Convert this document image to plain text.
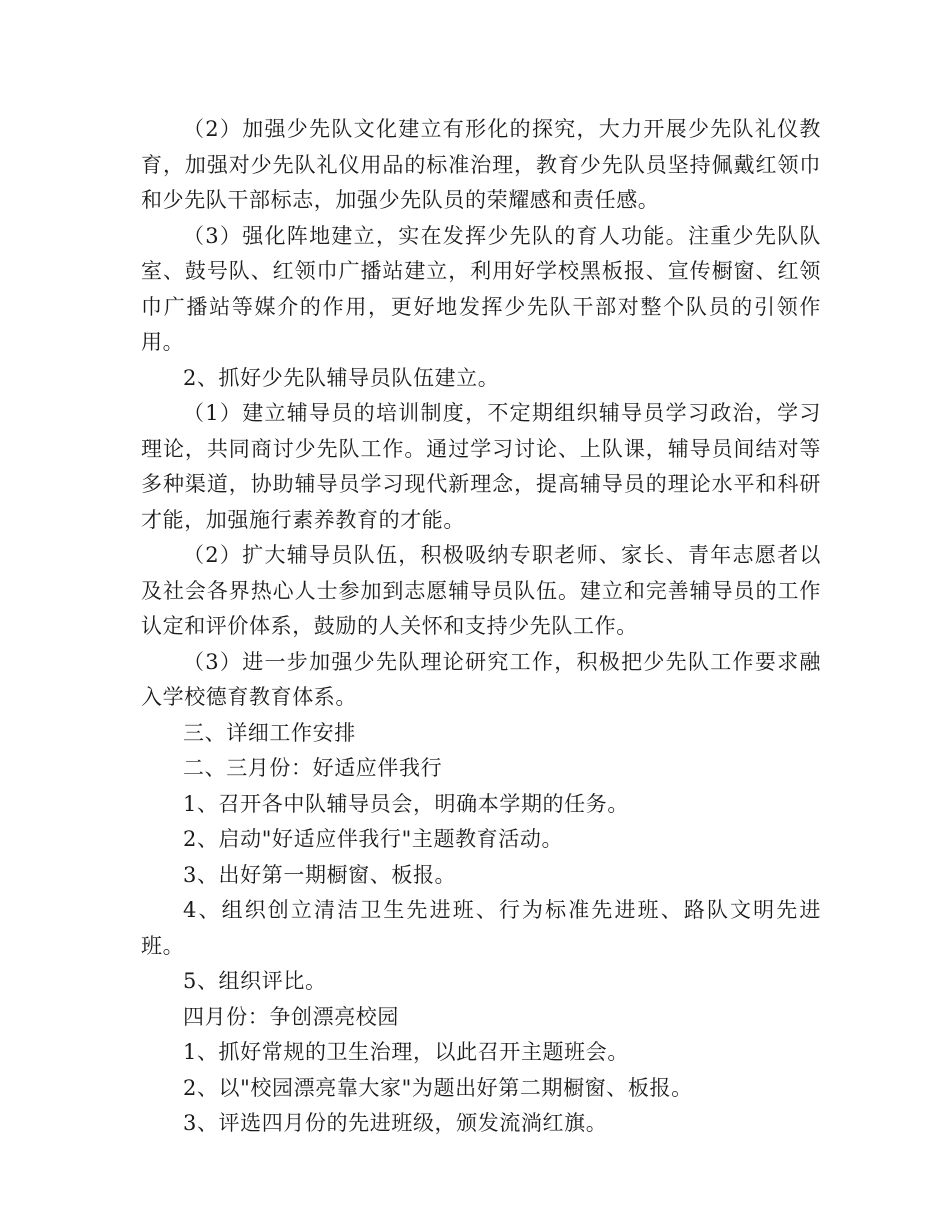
（2）加强少先队文化建立有形化的探究，大力开展少先队礼仪教育，加强对少先队礼仪用品的标准治理，教育少先队员坚持佩戴红领巾和少先队干部标志，加强少先队员的荣耀感和责任感。

（3）强化阵地建立，实在发挥少先队的育人功能。注重少先队队室、鼓号队、红领巾广播站建立，利用好学校黑板报、宣传橱窗、红领巾广播站等媒介的作用，更好地发挥少先队干部对整个队员的引领作用。

2、抓好少先队辅导员队伍建立。

（1）建立辅导员的培训制度，不定期组织辅导员学习政治，学习理论，共同商讨少先队工作。通过学习讨论、上队课，辅导员间结对等多种渠道，协助辅导员学习现代新理念，提高辅导员的理论水平和科研才能，加强施行素养教育的才能。

（2）扩大辅导员队伍，积极吸纳专职老师、家长、青年志愿者以及社会各界热心人士参加到志愿辅导员队伍。建立和完善辅导员的工作认定和评价体系，鼓励的人关怀和支持少先队工作。

（3）进一步加强少先队理论研究工作，积极把少先队工作要求融入学校德育教育体系。

三、详细工作安排

二、三月份：好适应伴我行

1、召开各中队辅导员会，明确本学期的任务。

2、启动"好适应伴我行"主题教育活动。

3、出好第一期橱窗、板报。

4、组织创立清洁卫生先进班、行为标准先进班、路队文明先进班。

5、组织评比。

四月份：争创漂亮校园

1、抓好常规的卫生治理，以此召开主题班会。

2、以"校园漂亮靠大家"为题出好第二期橱窗、板报。

3、评选四月份的先进班级，颁发流淌红旗。
